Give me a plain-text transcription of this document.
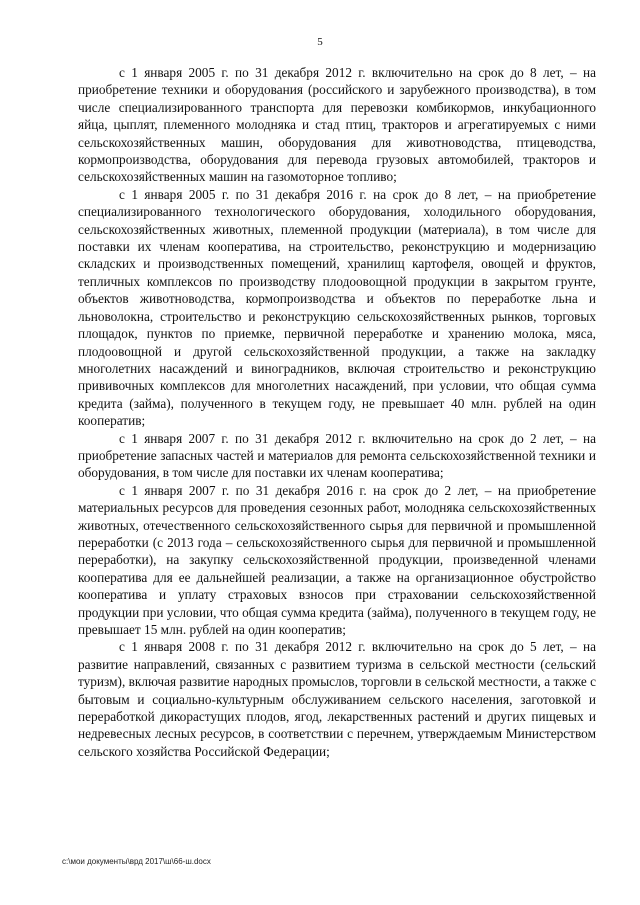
5

с 1 января 2005 г. по 31 декабря 2012 г. включительно на срок до 8 лет, – на приобретение техники и оборудования (российского и зарубежного производства), в том числе специализированного транспорта для перевозки комбикормов, инкубационного яйца, цыплят, племенного молодняка и стад птиц, тракторов и агрегатируемых с ними сельскохозяйственных машин, оборудования для животноводства, птицеводства, кормопроизводства, оборудования для перевода грузовых автомобилей, тракторов и сельскохозяйственных машин на газомоторное топливо;

с 1 января 2005 г. по 31 декабря 2016 г. на срок до 8 лет, – на приобретение специализированного технологического оборудования, холодильного оборудования, сельскохозяйственных животных, племенной продукции (материала), в том числе для поставки их членам кооператива, на строительство, реконструкцию и модернизацию складских и производственных помещений, хранилищ картофеля, овощей и фруктов, тепличных комплексов по производству плодоовощной продукции в закрытом грунте, объектов животноводства, кормопроизводства и объектов по переработке льна и льноволокна, строительство и реконструкцию сельскохозяйственных рынков, торговых площадок, пунктов по приемке, первичной переработке и хранению молока, мяса, плодоовощной и другой сельскохозяйственной продукции, а также на закладку многолетних насаждений и виноградников, включая строительство и реконструкцию прививочных комплексов для многолетних насаждений, при условии, что общая сумма кредита (займа), полученного в текущем году, не превышает 40 млн. рублей на один кооператив;

с 1 января 2007 г. по 31 декабря 2012 г. включительно на срок до 2 лет, – на приобретение запасных частей и материалов для ремонта сельскохозяйственной техники и оборудования, в том числе для поставки их членам кооператива;

с 1 января 2007 г. по 31 декабря 2016 г. на срок до 2 лет, – на приобретение материальных ресурсов для проведения сезонных работ, молодняка сельскохозяйственных животных, отечественного сельскохозяйственного сырья для первичной и промышленной переработки (с 2013 года – сельскохозяйственного сырья для первичной и промышленной переработки), на закупку сельскохозяйственной продукции, произведенной членами кооператива для ее дальнейшей реализации, а также на организационное обустройство кооператива и уплату страховых взносов при страховании сельскохозяйственной продукции при условии, что общая сумма кредита (займа), полученного в текущем году, не превышает 15 млн. рублей на один кооператив;

с 1 января 2008 г. по 31 декабря 2012 г. включительно на срок до 5 лет, – на развитие направлений, связанных с развитием туризма в сельской местности (сельский туризм), включая развитие народных промыслов, торговли в сельской местности, а также с бытовым и социально-культурным обслуживанием сельского населения, заготовкой и переработкой дикорастущих плодов, ягод, лекарственных растений и других пищевых и недревесных лесных ресурсов, в соответствии с перечнем, утверждаемым Министерством сельского хозяйства Российской Федерации;

c:\мои документы\врд 2017\ш\66-ш.docx
